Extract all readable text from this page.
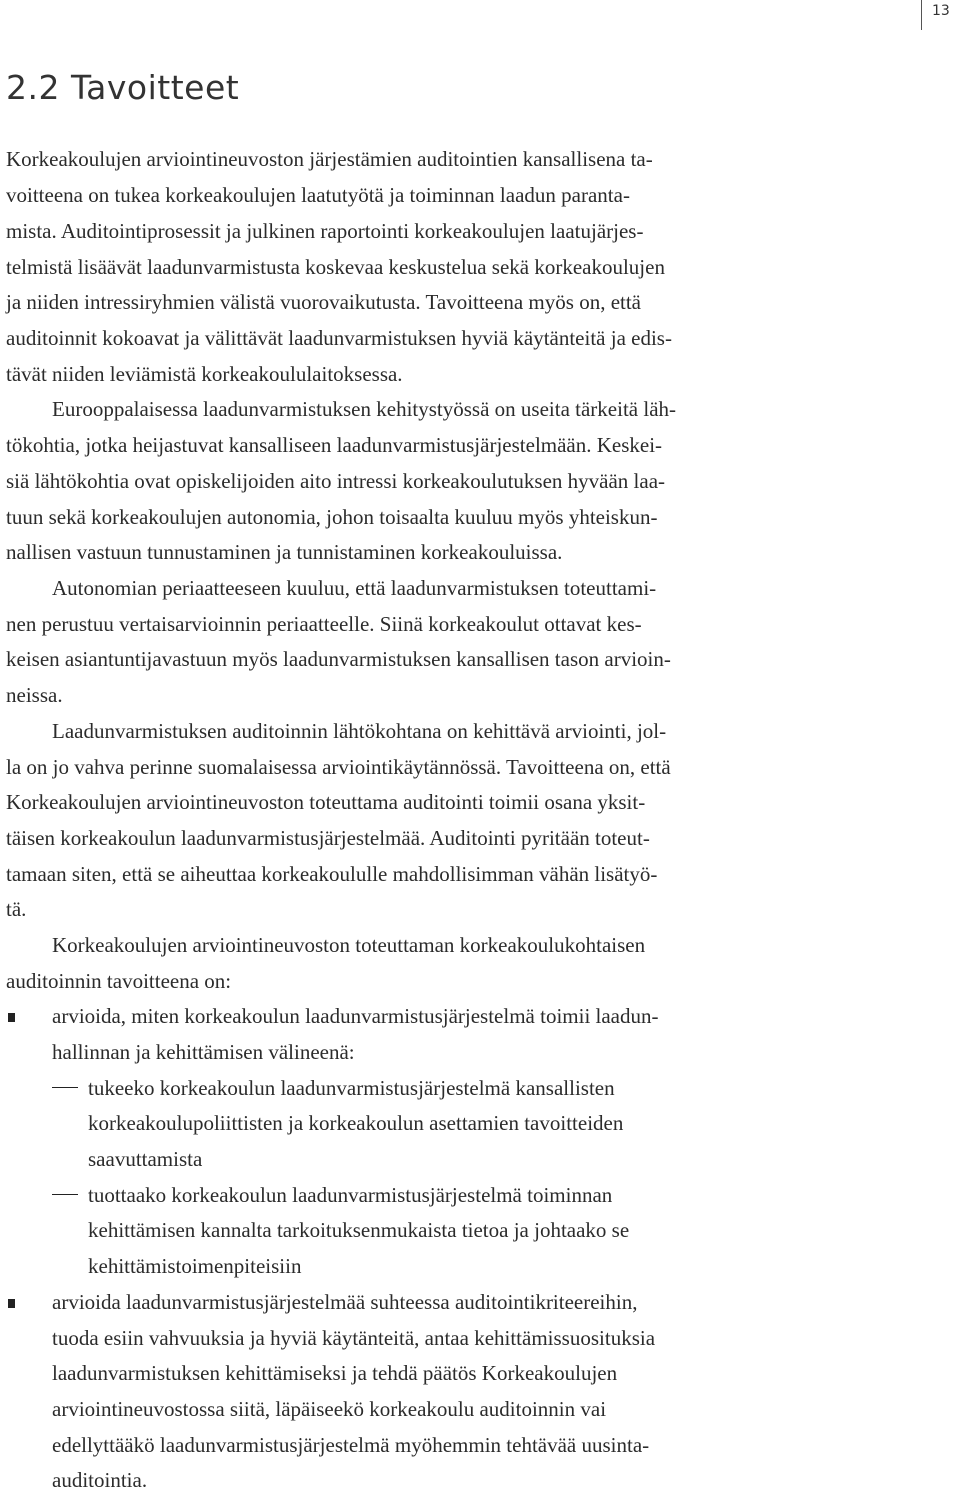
13
2.2 Tavoitteet
Korkeakoulujen arviointineuvoston järjestämien auditointien kansallisena ta-
voitteena on tukea korkeakoulujen laatutyötä ja toiminnan laadun paranta-
mista. Auditointiprosessit ja julkinen raportointi korkeakoulujen laatujärjes-
telmistä lisäävät laadunvarmistusta koskevaa keskustelua sekä korkeakoulujen
ja niiden intressiryhmien välistä vuorovaikutusta. Tavoitteena myös on, että
auditoinnit kokoavat ja välittävät laadunvarmistuksen hyviä käytänteitä ja edis-
tävät niiden leviämistä korkeakoululaitoksessa.
Eurooppalaisessa laadunvarmistuksen kehitystyössä on useita tärkeitä läh-
tökohtia, jotka heijastuvat kansalliseen laadunvarmistusjärjestelmään. Keskei-
siä lähtökohtia ovat opiskelijoiden aito intressi korkeakoulutuksen hyvään laa-
tuun sekä korkeakoulujen autonomia, johon toisaalta kuuluu myös yhteiskun-
nallisen vastuun tunnustaminen ja tunnistaminen korkeakouluissa.
Autonomian periaatteeseen kuuluu, että laadunvarmistuksen toteuttami-
nen perustuu vertaisarvioinnin periaatteelle. Siinä korkeakoulut ottavat kes-
keisen asiantuntijavastuun myös laadunvarmistuksen kansallisen tason arvioin-
neissa.
Laadunvarmistuksen auditoinnin lähtökohtana on kehittävä arviointi, jol-
la on jo vahva perinne suomalaisessa arviointikäytännössä. Tavoitteena on, että
Korkeakoulujen arviointineuvoston toteuttama auditointi toimii osana yksit-
täisen korkeakoulun laadunvarmistusjärjestelmää. Auditointi pyritään toteut-
tamaan siten, että se aiheuttaa korkeakoululle mahdollisimman vähän lisätyö-
tä.
Korkeakoulujen arviointineuvoston toteuttaman korkeakoulukohtaisen
auditoinnin tavoitteena on:
arvioida, miten korkeakoulun laadunvarmistusjärjestelmä toimii laadun-
hallinnan ja kehittämisen välineenä:
tukeeko korkeakoulun laadunvarmistusjärjestelmä kansallisten
korkeakoulupoliittisten ja korkeakoulun asettamien tavoitteiden
saavuttamista
tuottaako korkeakoulun laadunvarmistusjärjestelmä toiminnan
kehittämisen kannalta tarkoituksenmukaista tietoa ja johtaako se
kehittämistoimenpiteisiin
arvioida laadunvarmistusjärjestelmää suhteessa auditointikriteereihin,
tuoda esiin vahvuuksia ja hyviä käytänteitä, antaa kehittämissuosituksia
laadunvarmistuksen kehittämiseksi ja tehdä päätös Korkeakoulujen
arviointineuvostossa siitä, läpäiseekö korkeakoulu auditoinnin vai
edellyttääkö laadunvarmistusjärjestelmä myöhemmin tehtävää uusinta-
auditointia.
